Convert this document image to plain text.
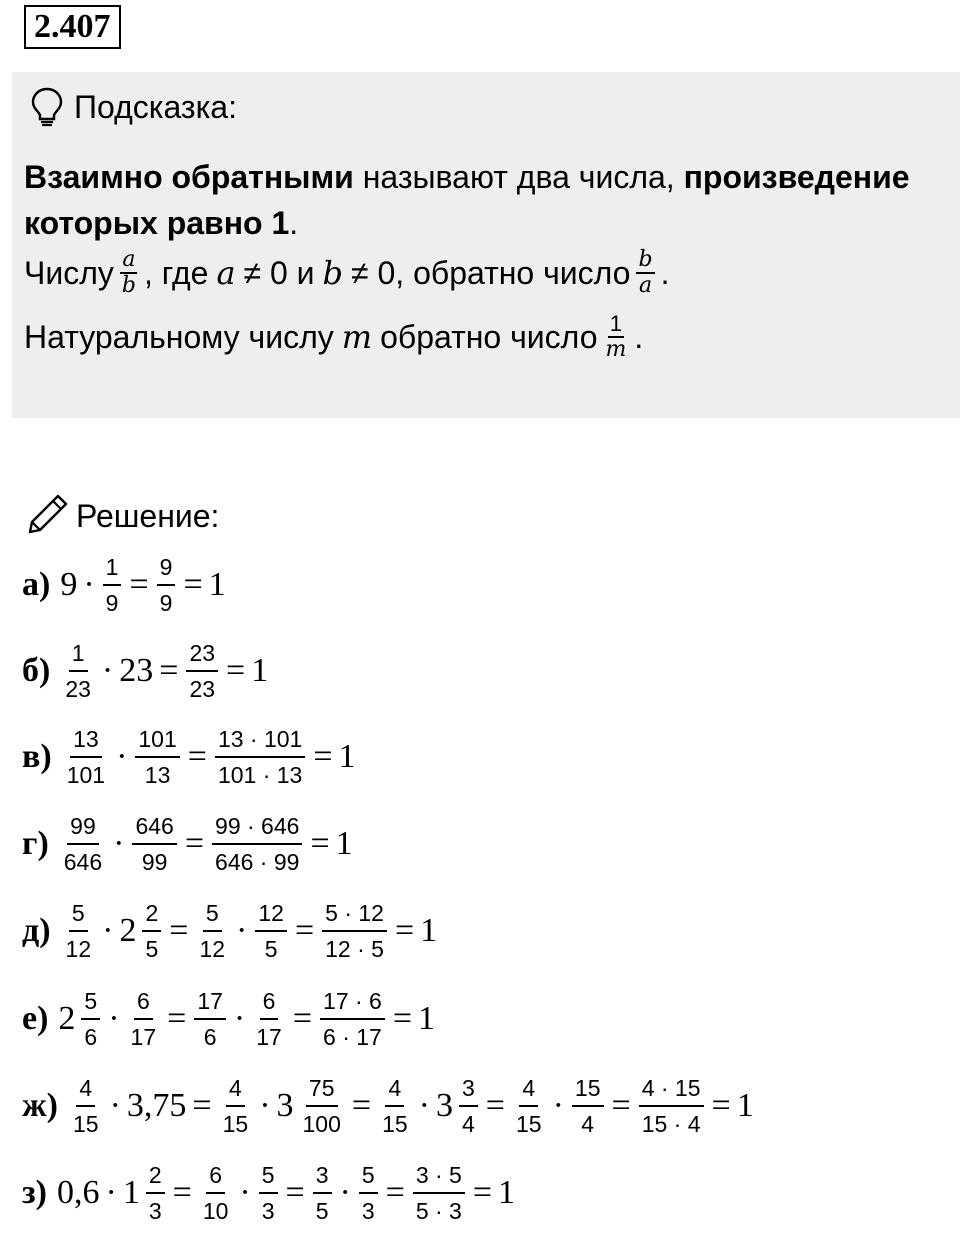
2.407
Подсказка:
Взаимно обратными называют два числа, произведение которых равно 1.
Числу $\frac{a}{b}$ , где a ≠ 0 и b ≠ 0, обратно число $\frac{b}{a}$ .
Натуральному числу m обратно число $\frac{1}{m}$ .
Решение:
а) $9 \cdot \frac{1}{9} = \frac{9}{9} = 1$
$б) \frac{1}{23} \cdot 23 = \frac{23}{23} = 1$
$в) \frac{13}{101} \cdot \frac{101}{13} = \frac{13 \cdot 101}{101 \cdot 13} = 1$
$г) \frac{99}{646} \cdot \frac{646}{99} = \frac{99 \cdot 646}{646 \cdot 99} = 1$
$д) \frac{5}{12} \cdot 2 \frac{2}{5} = \frac{5}{12} \cdot \frac{12}{5} = \frac{5 \cdot 12}{12 \cdot 5} = 1$
е) $2 \frac{5}{6} \cdot \frac{6}{17} = \frac{17}{6} \cdot \frac{6}{17} = \frac{17 \cdot 6}{6 \cdot 17} = 1$
$ж) \frac{4}{15} \cdot 3,75 = \frac{4}{15} \cdot 3 \frac{75}{100} = \frac{4}{15} \cdot 3 \frac{3}{4} = \frac{4}{15} \cdot \frac{15}{4} = \frac{4 \cdot 15}{15 \cdot 4} = 1$
з) $0,6 \cdot 1 \frac{2}{3} = \frac{6}{10} \cdot \frac{5}{3} = \frac{3}{5} \cdot \frac{5}{3} = \frac{3 \cdot 5}{5 \cdot 3} = 1$
